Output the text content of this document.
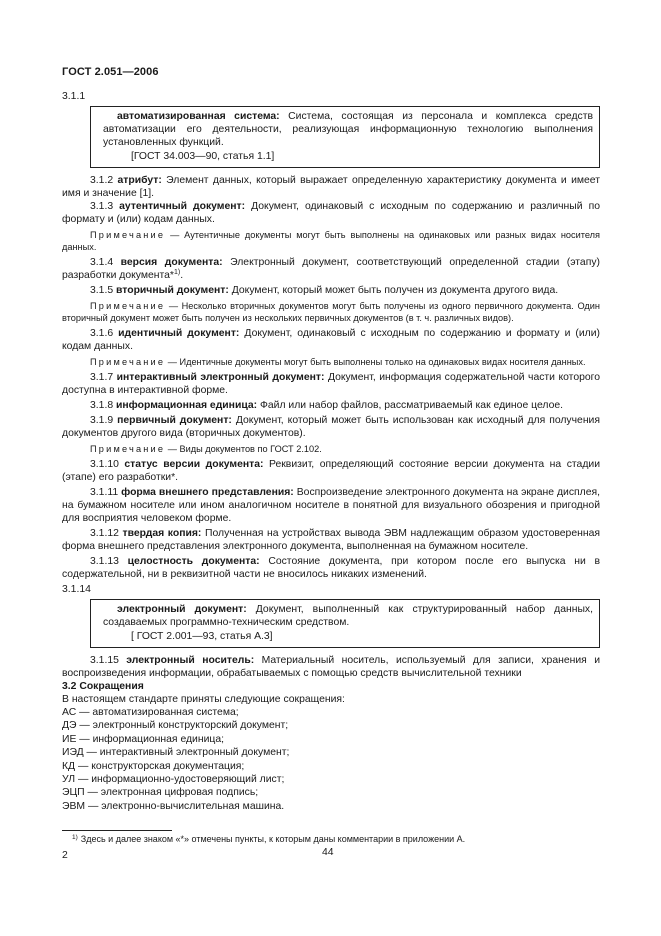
ГОСТ 2.051—2006

3.1.1

автоматизированная система: Система, состоящая из персонала и комплекса средств автоматизации его деятельности, реализующая информационную технологию выполнения установленных функций.

[ГОСТ 34.003—90, статья 1.1]

3.1.2 атрибут: Элемент данных, который выражает определенную характеристику документа и имеет имя и значение [1].

3.1.3 аутентичный документ: Документ, одинаковый с исходным по содержанию и различный по формату и (или) кодам данных.

Примечание — Аутентичные документы могут быть выполнены на одинаковых или разных видах носителя данных.

3.1.4 версия документа: Электронный документ, соответствующий определенной стадии (этапу) разработки документа*$^{1)}$.

3.1.5 вторичный документ: Документ, который может быть получен из документа другого вида.

Примечание — Несколько вторичных документов могут быть получены из одного первичного документа. Один вторичный документ может быть получен из нескольких первичных документов (в т. ч. различных видов).

3.1.6 идентичный документ: Документ, одинаковый с исходным по содержанию и формату и (или) кодам данных.

Примечание — Идентичные документы могут быть выполнены только на одинаковых видах носителя данных.

3.1.7 интерактивный электронный документ: Документ, информация содержательной части которого доступна в интерактивной форме.

3.1.8 информационная единица: Файл или набор файлов, рассматриваемый как единое целое.

3.1.9 первичный документ: Документ, который может быть использован как исходный для получения документов другого вида (вторичных документов).

Примечание — Виды документов по ГОСТ 2.102.

3.1.10 статус версии документа: Реквизит, определяющий состояние версии документа на стадии (этапе) его разработки*.

3.1.11 форма внешнего представления: Воспроизведение электронного документа на экране дисплея, на бумажном носителе или ином аналогичном носителе в понятной для визуального обозрения и пригодной для восприятия человеком форме.

3.1.12 твердая копия: Полученная на устройствах вывода ЭВМ надлежащим образом удостоверенная форма внешнего представления электронного документа, выполненная на бумажном носителе.

3.1.13 целостность документа: Состояние документа, при котором после его выпуска ни в содержательной, ни в реквизитной части не вносилось никаких изменений.

3.1.14

электронный документ: Документ, выполненный как структурированный набор данных, создаваемых программно-техническим средством.

[ ГОСТ 2.001—93, статья А.3]

3.1.15 электронный носитель: Материальный носитель, используемый для записи, хранения и воспроизведения информации, обрабатываемых с помощью средств вычислительной техники

3.2 Сокращения

В настоящем стандарте приняты следующие сокращения:

АС — автоматизированная система;

ДЭ — электронный конструкторский документ;

ИЕ — информационная единица;

ИЭД — интерактивный электронный документ;

КД — конструкторская документация;

УЛ — информационно-удостоверяющий лист;

ЭЦП — электронная цифровая подпись;

ЭВМ — электронно-вычислительная машина.

$^{1)}$ Здесь и далее знаком «*» отмечены пункты, к которым даны комментарии в приложении А.
2	44
